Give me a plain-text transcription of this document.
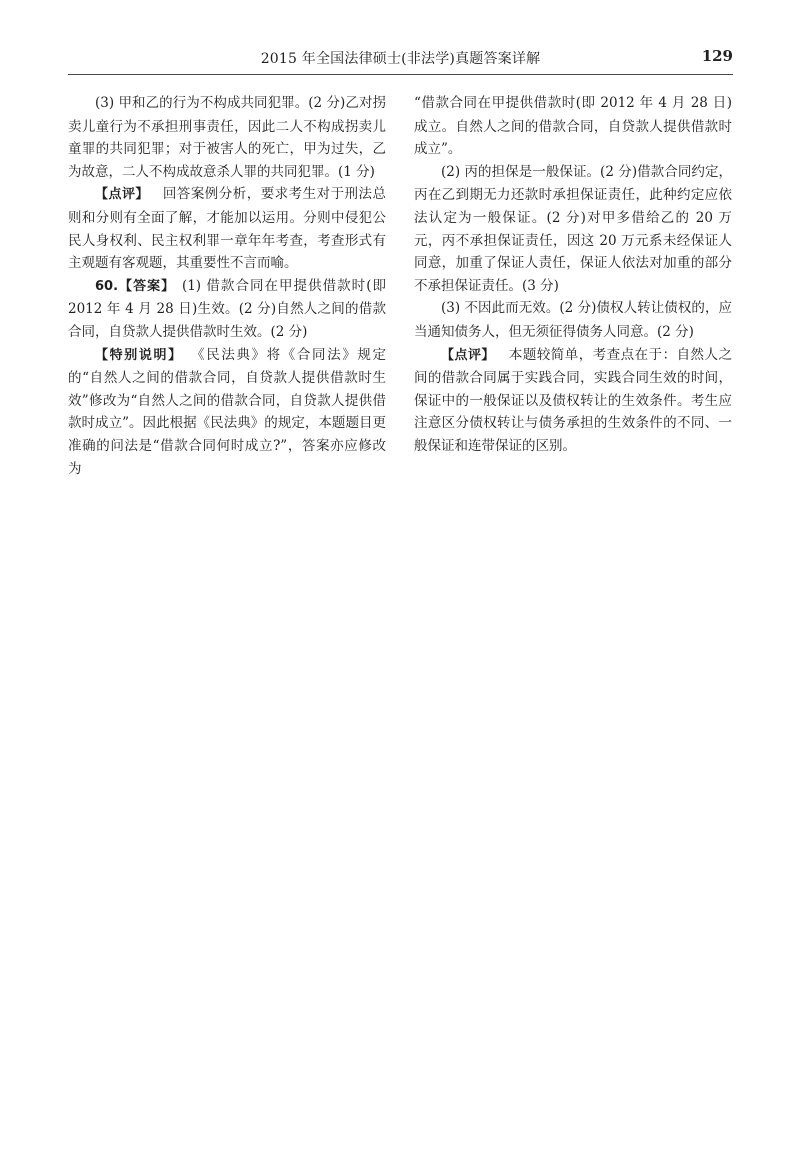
2015 年全国法律硕士(非法学)真题答案详解	129

(3) 甲和乙的行为不构成共同犯罪。(2 分)乙对拐卖儿童行为不承担刑事责任，因此二人不构成拐卖儿童罪的共同犯罪；对于被害人的死亡，甲为过失，乙为故意，二人不构成故意杀人罪的共同犯罪。(1 分)

【点评】  回答案例分析，要求考生对于刑法总则和分则有全面了解，才能加以运用。分则中侵犯公民人身权利、民主权利罪一章年年考查，考查形式有主观题有客观题，其重要性不言而喻。

60.【答案】  (1) 借款合同在甲提供借款时(即 2012 年 4 月 28 日)生效。(2 分)自然人之间的借款合同，自贷款人提供借款时生效。(2 分)

【特别说明】  《民法典》将《合同法》规定的“自然人之间的借款合同，自贷款人提供借款时生效”修改为“自然人之间的借款合同，自贷款人提供借款时成立”。因此根据《民法典》的规定，本题题目更准确的问法是“借款合同何时成立?”，答案亦应修改为

“借款合同在甲提供借款时(即 2012 年 4 月 28 日)成立。自然人之间的借款合同，自贷款人提供借款时成立”。

(2) 丙的担保是一般保证。(2 分)借款合同约定，丙在乙到期无力还款时承担保证责任，此种约定应依法认定为一般保证。(2 分)对甲多借给乙的 20 万元，丙不承担保证责任，因这 20 万元系未经保证人同意，加重了保证人责任，保证人依法对加重的部分不承担保证责任。(3 分)

(3) 不因此而无效。(2 分)债权人转让债权的，应当通知债务人，但无须征得债务人同意。(2 分)

【点评】  本题较简单，考查点在于：自然人之间的借款合同属于实践合同，实践合同生效的时间，保证中的一般保证以及债权转让的生效条件。考生应注意区分债权转让与债务承担的生效条件的不同、一般保证和连带保证的区别。
